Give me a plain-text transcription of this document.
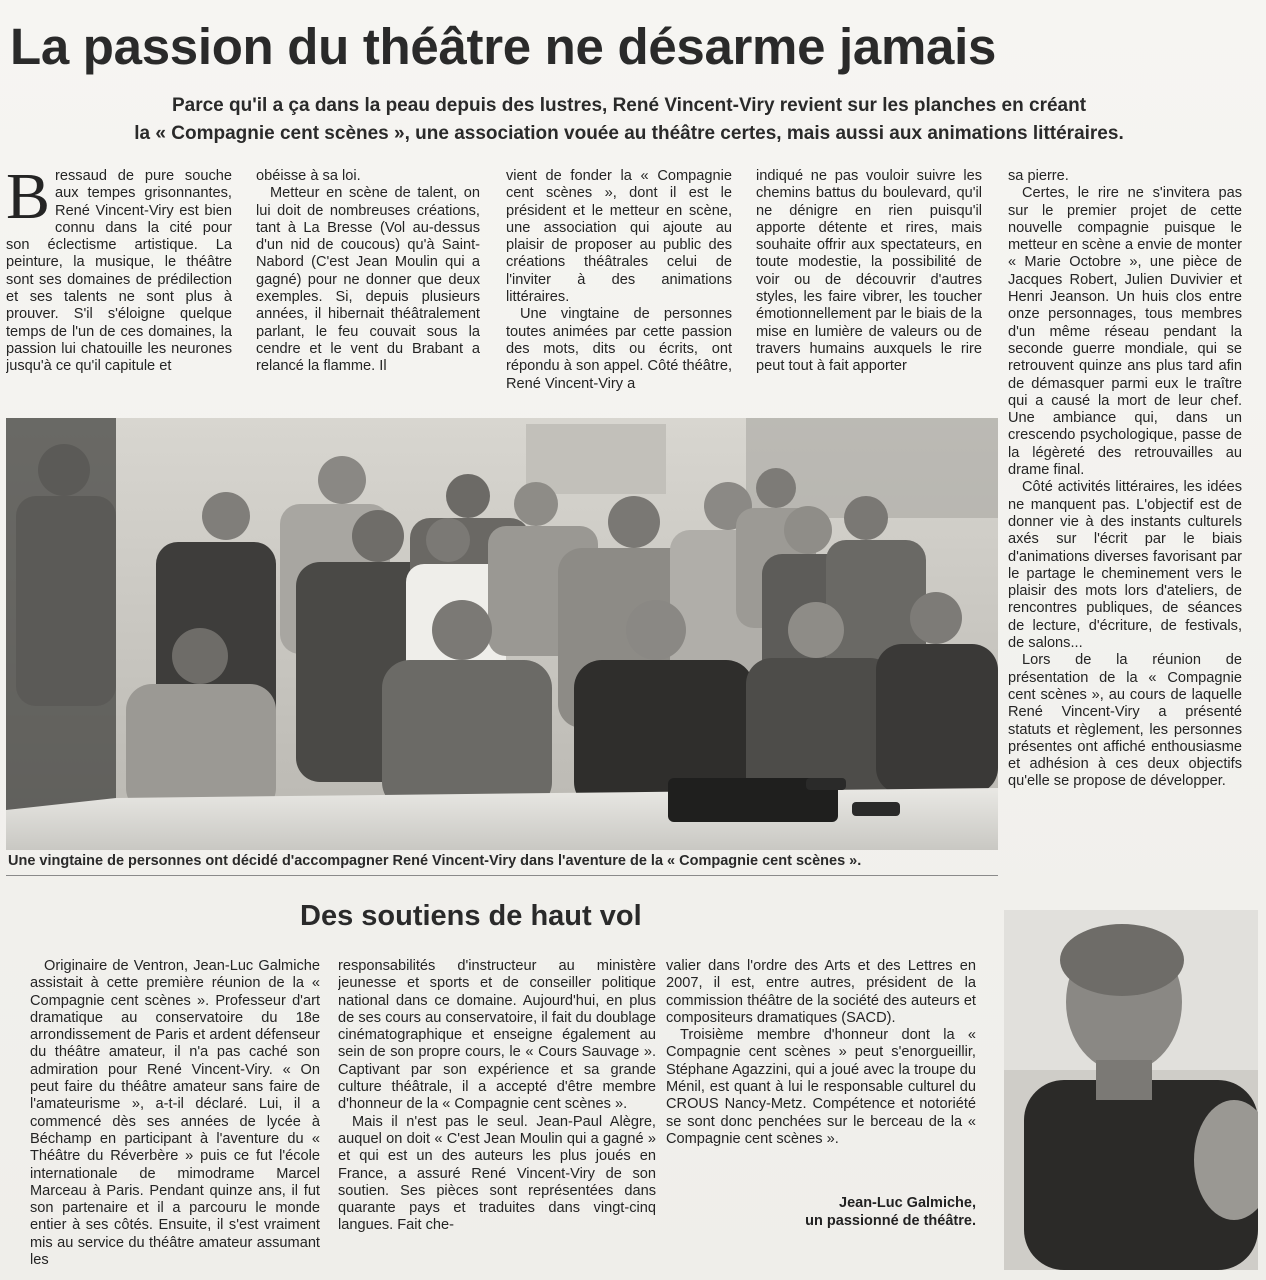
La passion du théâtre ne désarme jamais
Parce qu'il a ça dans la peau depuis des lustres, René Vincent-Viry revient sur les planches en créant
la « Compagnie cent scènes », une association vouée au théâtre certes, mais aussi aux animations littéraires.

Bressaud de pure souche aux tempes grisonnantes, René Vincent-Viry est bien connu dans la cité pour son éclectisme artistique. La peinture, la musique, le théâtre sont ses domaines de prédilection et ses talents ne sont plus à prouver. S'il s'éloigne quelque temps de l'un de ces domaines, la passion lui chatouille les neurones jusqu'à ce qu'il capitule et

obéisse à sa loi.

Metteur en scène de talent, on lui doit de nombreuses créations, tant à La Bresse (Vol au-dessus d'un nid de coucous) qu'à Saint-Nabord (C'est Jean Moulin qui a gagné) pour ne donner que deux exemples. Si, depuis plusieurs années, il hibernait théâtralement parlant, le feu couvait sous la cendre et le vent du Brabant a relancé la flamme. Il

vient de fonder la « Compagnie cent scènes », dont il est le président et le metteur en scène, une association qui ajoute au plaisir de proposer au public des créations théâtrales celui de l'inviter à des animations littéraires.

Une vingtaine de personnes toutes animées par cette passion des mots, dits ou écrits, ont répondu à son appel. Côté théâtre, René Vincent-Viry a

indiqué ne pas vouloir suivre les chemins battus du boulevard, qu'il ne dénigre en rien puisqu'il apporte détente et rires, mais souhaite offrir aux spectateurs, en toute modestie, la possibilité de voir ou de découvrir d'autres styles, les faire vibrer, les toucher émotionnellement par le biais de la mise en lumière de valeurs ou de travers humains auxquels le rire peut tout à fait apporter

sa pierre.

Certes, le rire ne s'invitera pas sur le premier projet de cette nouvelle compagnie puisque le metteur en scène a envie de monter « Marie Octobre », une pièce de Jacques Robert, Julien Duvivier et Henri Jeanson. Un huis clos entre onze personnages, tous membres d'un même réseau pendant la seconde guerre mondiale, qui se retrouvent quinze ans plus tard afin de démasquer parmi eux le traître qui a causé la mort de leur chef. Une ambiance qui, dans un crescendo psychologique, passe de la légèreté des retrouvailles au drame final.

Côté activités littéraires, les idées ne manquent pas. L'objectif est de donner vie à des instants culturels axés sur l'écrit par le biais d'animations diverses favorisant par le partage le cheminement vers le plaisir des mots lors d'ateliers, de rencontres publiques, de séances de lecture, d'écriture, de festivals, de salons...

Lors de la réunion de présentation de la « Compagnie cent scènes », au cours de laquelle René Vincent-Viry a présenté statuts et règlement, les personnes présentes ont affiché enthousiasme et adhésion à ces deux objectifs qu'elle se propose de développer.

Une vingtaine de personnes ont décidé d'accompagner René Vincent-Viry dans l'aventure de la « Compagnie cent scènes ».
Des soutiens de haut vol

Originaire de Ventron, Jean-Luc Galmiche assistait à cette première réunion de la « Compagnie cent scènes ». Professeur d'art dramatique au conservatoire du 18e arrondissement de Paris et ardent défenseur du théâtre amateur, il n'a pas caché son admiration pour René Vincent-Viry. « On peut faire du théâtre amateur sans faire de l'amateurisme », a-t-il déclaré. Lui, il a commencé dès ses années de lycée à Béchamp en participant à l'aventure du « Théâtre du Réverbère » puis ce fut l'école internationale de mimodrame Marcel Marceau à Paris. Pendant quinze ans, il fut son partenaire et il a parcouru le monde entier à ses côtés. Ensuite, il s'est vraiment mis au service du théâtre amateur assumant les

responsabilités d'instructeur au ministère jeunesse et sports et de conseiller politique national dans ce domaine. Aujourd'hui, en plus de ses cours au conservatoire, il fait du doublage cinématographique et enseigne également au sein de son propre cours, le « Cours Sauvage ». Captivant par son expérience et sa grande culture théâtrale, il a accepté d'être membre d'honneur de la « Compagnie cent scènes ».

Mais il n'est pas le seul. Jean-Paul Alègre, auquel on doit « C'est Jean Moulin qui a gagné » et qui est un des auteurs les plus joués en France, a assuré René Vincent-Viry de son soutien. Ses pièces sont représentées dans quarante pays et traduites dans vingt-cinq langues. Fait che-

valier dans l'ordre des Arts et des Lettres en 2007, il est, entre autres, président de la commission théâtre de la société des auteurs et compositeurs dramatiques (SACD).

Troisième membre d'honneur dont la « Compagnie cent scènes » peut s'enorgueillir, Stéphane Agazzini, qui a joué avec la troupe du Ménil, est quant à lui le responsable culturel du CROUS Nancy-Metz. Compétence et notoriété se sont donc penchées sur le berceau de la « Compagnie cent scènes ».

Jean-Luc Galmiche,
un passionné de théâtre.
